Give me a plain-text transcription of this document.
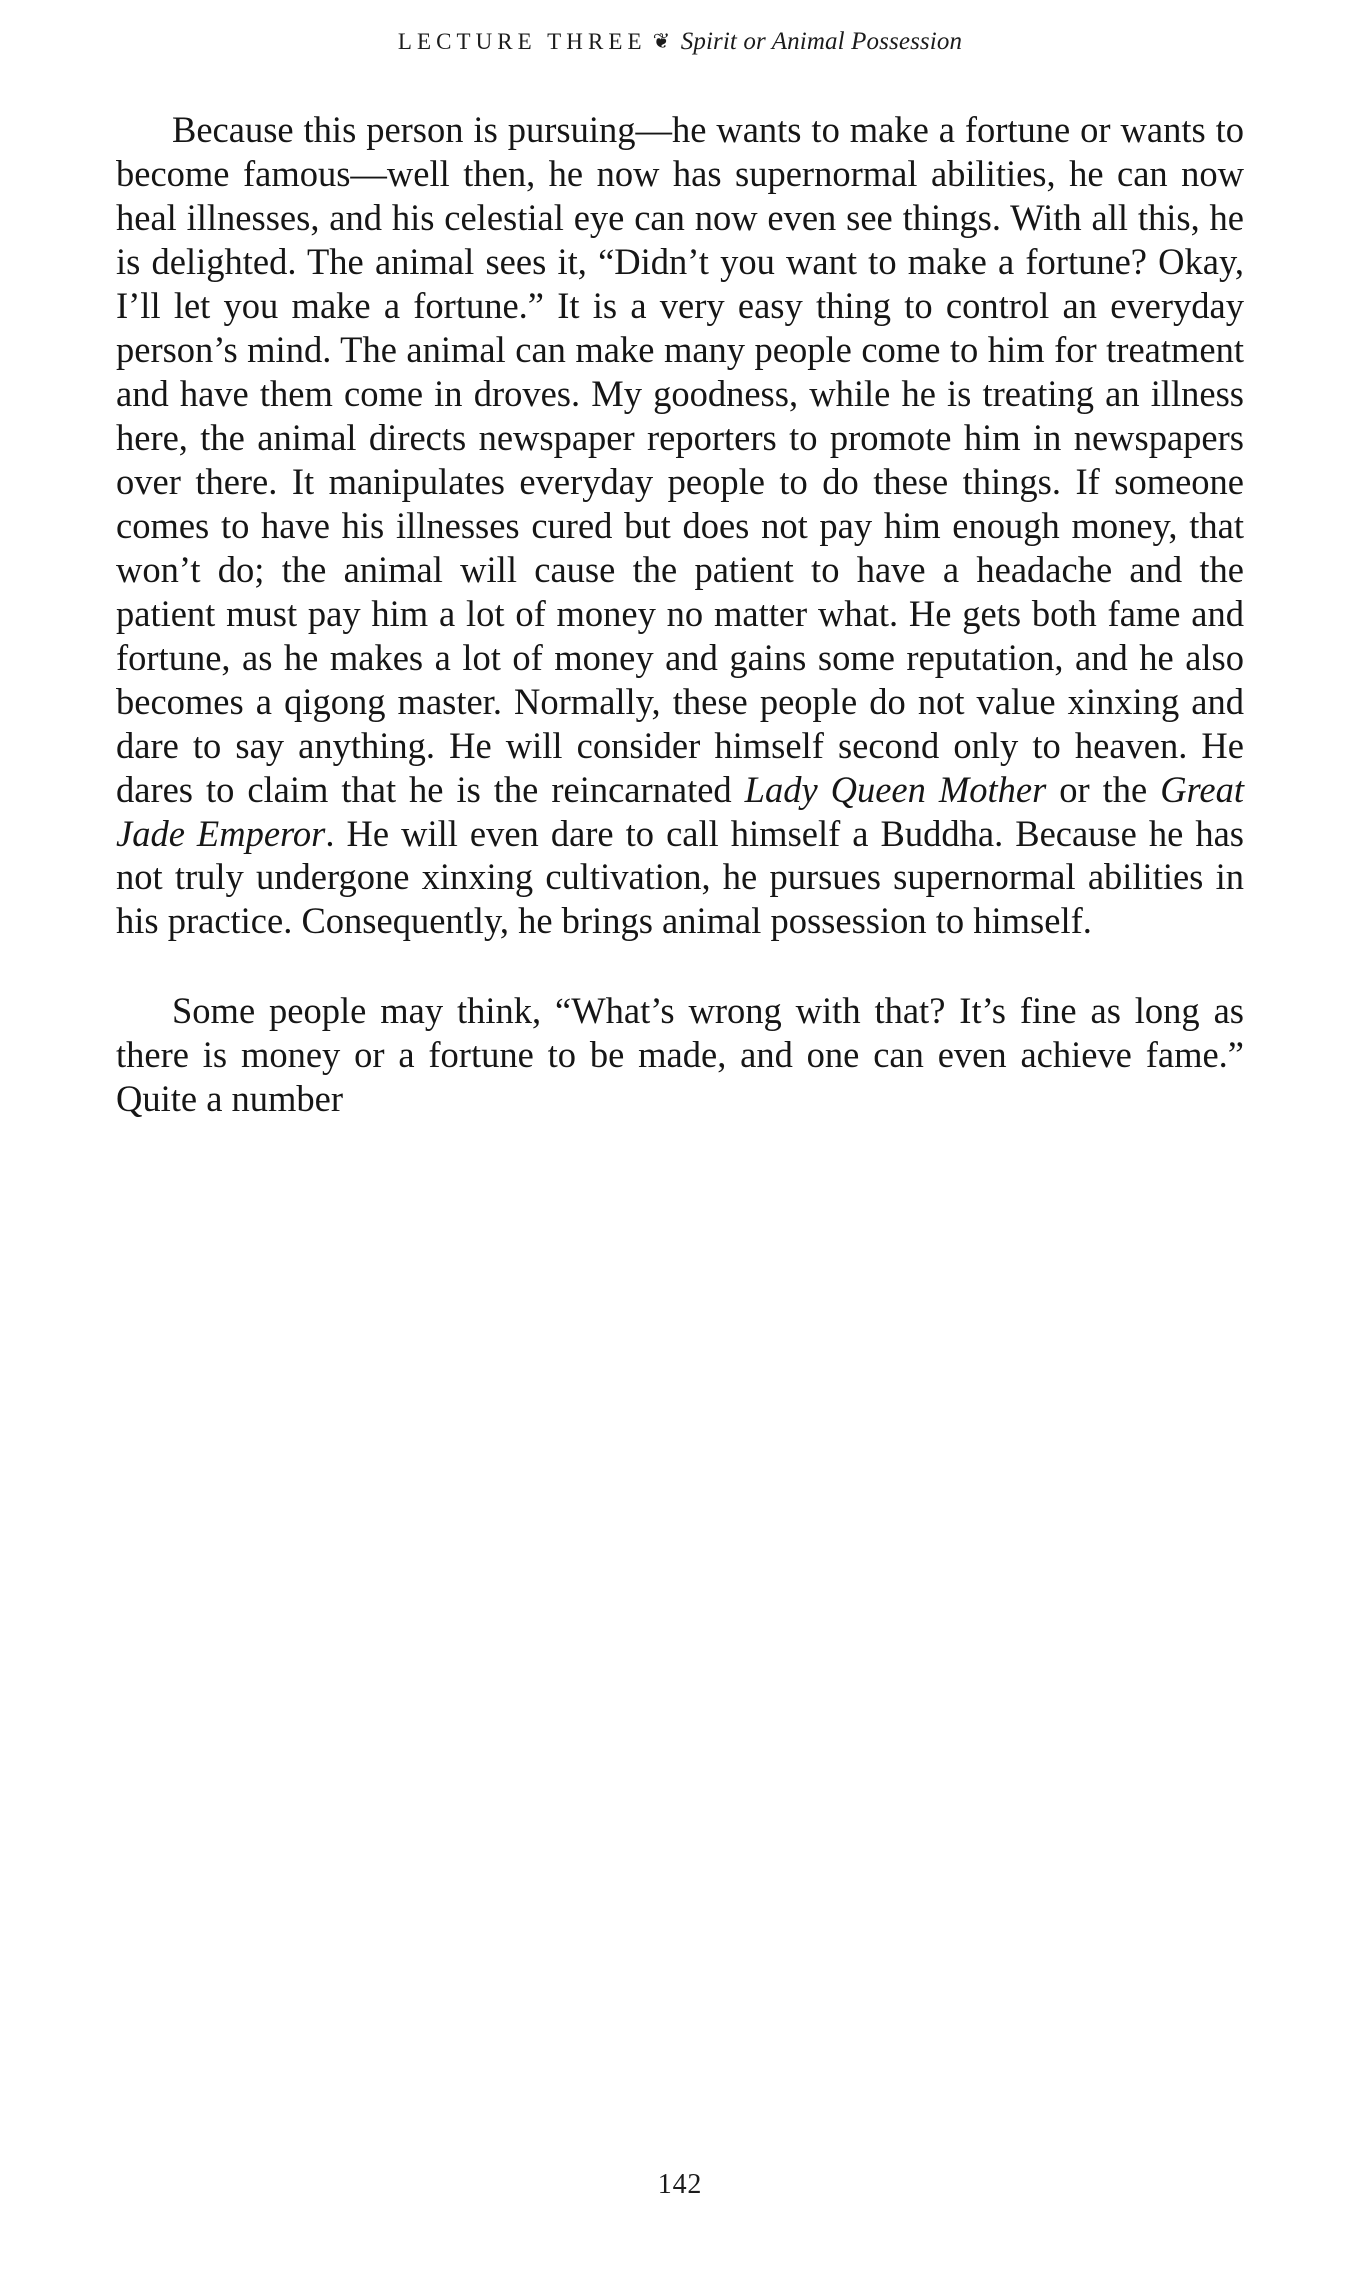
LECTURE THREE ❦ Spirit or Animal Possession

Because this person is pursuing—he wants to make a fortune or wants to become famous—well then, he now has supernormal abilities, he can now heal illnesses, and his celestial eye can now even see things. With all this, he is delighted. The animal sees it, “Didn’t you want to make a fortune? Okay, I’ll let you make a fortune.” It is a very easy thing to control an everyday person’s mind. The animal can make many people come to him for treatment and have them come in droves. My goodness, while he is treating an illness here, the animal directs newspaper reporters to promote him in newspapers over there. It manipulates everyday people to do these things. If someone comes to have his illnesses cured but does not pay him enough money, that won’t do; the animal will cause the patient to have a headache and the patient must pay him a lot of money no matter what. He gets both fame and fortune, as he makes a lot of money and gains some reputation, and he also becomes a qigong master. Normally, these people do not value xinxing and dare to say anything. He will consider himself second only to heaven. He dares to claim that he is the reincarnated Lady Queen Mother or the Great Jade Emperor. He will even dare to call himself a Buddha. Because he has not truly undergone xinxing cultivation, he pursues supernormal abilities in his practice. Consequently, he brings animal possession to himself.

Some people may think, “What’s wrong with that? It’s fine as long as there is money or a fortune to be made, and one can even achieve fame.” Quite a number

142
